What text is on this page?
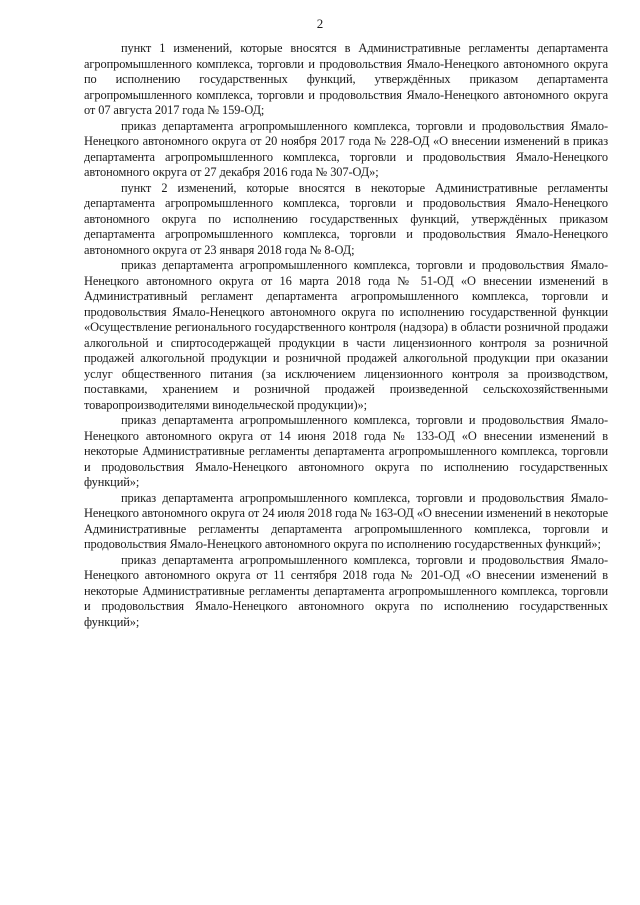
2

пункт 1 изменений, которые вносятся в Административные регламенты департамента агропромышленного комплекса, торговли и продовольствия Ямало-Ненецкого автономного округа по исполнению государственных функций, утверждённых приказом департамента агропромышленного комплекса, торговли и продовольствия Ямало-Ненецкого автономного округа от 07 августа 2017 года № 159-ОД;

приказ департамента агропромышленного комплекса, торговли и продовольствия Ямало-Ненецкого автономного округа от 20 ноября 2017 года № 228-ОД «О внесении изменений в приказ департамента агропромышленного комплекса, торговли и продовольствия Ямало-Ненецкого автономного округа от 27 декабря 2016 года № 307-ОД»;

пункт 2 изменений, которые вносятся в некоторые Административные регламенты департамента агропромышленного комплекса, торговли и продовольствия Ямало-Ненецкого автономного округа по исполнению государственных функций, утверждённых приказом департамента агропромышленного комплекса, торговли и продовольствия Ямало-Ненецкого автономного округа от 23 января 2018 года № 8-ОД;

приказ департамента агропромышленного комплекса, торговли и продовольствия Ямало-Ненецкого автономного округа от 16 марта 2018 года № 51-ОД «О внесении изменений в Административный регламент департамента агропромышленного комплекса, торговли и продовольствия Ямало-Ненецкого автономного округа по исполнению государственной функции «Осуществление регионального государственного контроля (надзора) в области розничной продажи алкогольной и спиртосодержащей продукции в части лицензионного контроля за розничной продажей алкогольной продукции и розничной продажей алкогольной продукции при оказании услуг общественного питания (за исключением лицензионного контроля за производством, поставками, хранением и розничной продажей произведенной сельскохозяйственными товаропроизводителями винодельческой продукции)»;

приказ департамента агропромышленного комплекса, торговли и продовольствия Ямало-Ненецкого автономного округа от 14 июня 2018 года № 133-ОД «О внесении изменений в некоторые Административные регламенты департамента агропромышленного комплекса, торговли и продовольствия Ямало-Ненецкого автономного округа по исполнению государственных функций»;

приказ департамента агропромышленного комплекса, торговли и продовольствия Ямало-Ненецкого автономного округа от 24 июля 2018 года № 163-ОД «О внесении изменений в некоторые Административные регламенты департамента агропромышленного комплекса, торговли и продовольствия Ямало-Ненецкого автономного округа по исполнению государственных функций»;

приказ департамента агропромышленного комплекса, торговли и продовольствия Ямало-Ненецкого автономного округа от 11 сентября 2018 года № 201-ОД «О внесении изменений в некоторые Административные регламенты департамента агропромышленного комплекса, торговли и продовольствия Ямало-Ненецкого автономного округа по исполнению государственных функций»;
